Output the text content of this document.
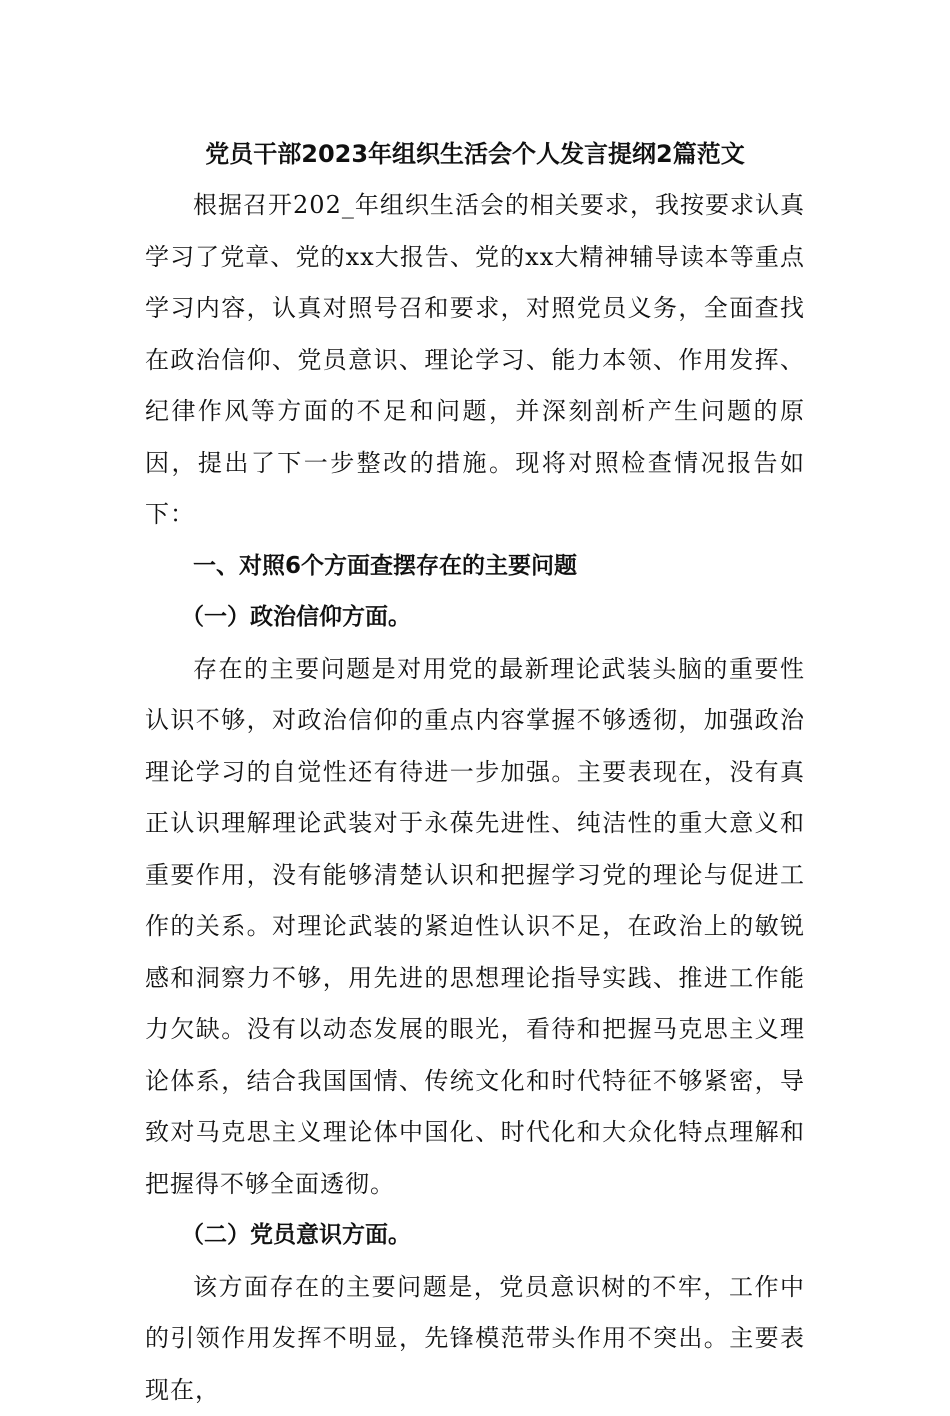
党员干部2023年组织生活会个人发言提纲2篇范文

根据召开202_年组织生活会的相关要求，我按要求认真学习了党章、党的xx大报告、党的xx大精神辅导读本等重点学习内容，认真对照号召和要求，对照党员义务，全面查找在政治信仰、党员意识、理论学习、能力本领、作用发挥、纪律作风等方面的不足和问题，并深刻剖析产生问题的原因，提出了下一步整改的措施。现将对照检查情况报告如下：

一、对照6个方面查摆存在的主要问题

（一）政治信仰方面。

存在的主要问题是对用党的最新理论武装头脑的重要性认识不够，对政治信仰的重点内容掌握不够透彻，加强政治理论学习的自觉性还有待进一步加强。主要表现在，没有真正认识理解理论武装对于永葆先进性、纯洁性的重大意义和重要作用，没有能够清楚认识和把握学习党的理论与促进工作的关系。对理论武装的紧迫性认识不足，在政治上的敏锐感和洞察力不够，用先进的思想理论指导实践、推进工作能力欠缺。没有以动态发展的眼光，看待和把握马克思主义理论体系，结合我国国情、传统文化和时代特征不够紧密，导致对马克思主义理论体中国化、时代化和大众化特点理解和把握得不够全面透彻。

（二）党员意识方面。

该方面存在的主要问题是，党员意识树的不牢，工作中的引领作用发挥不明显，先锋模范带头作用不突出。主要表现在，
